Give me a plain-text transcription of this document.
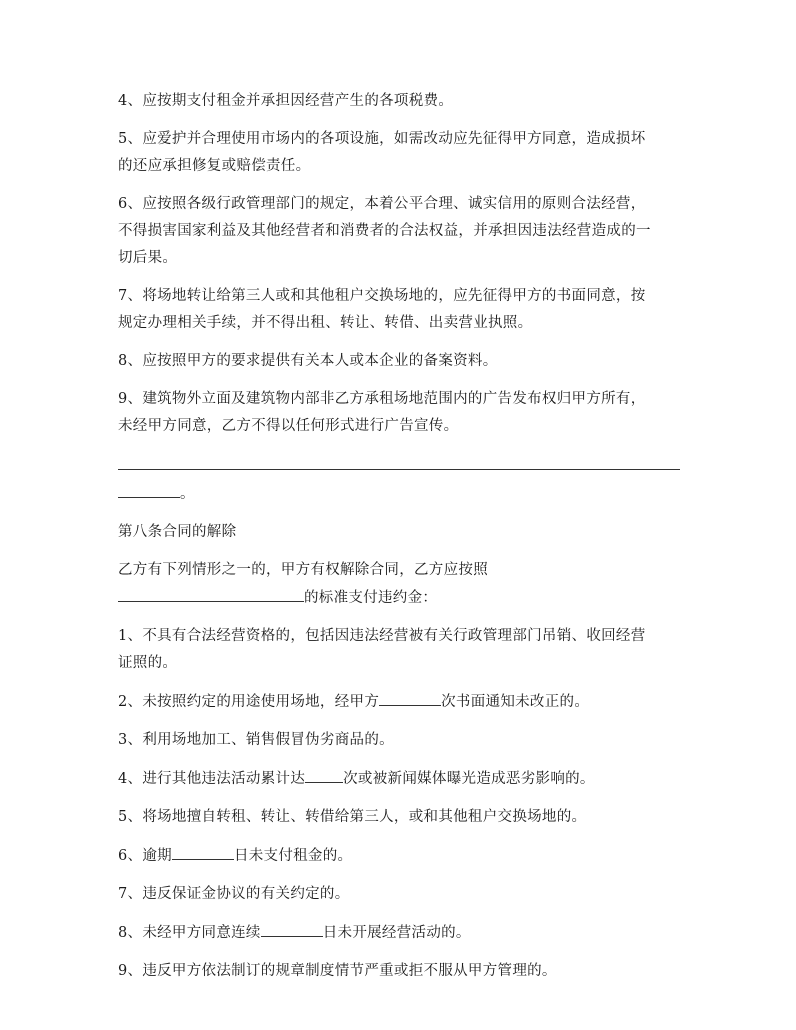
4、应按期支付租金并承担因经营产生的各项税费。

5、应爱护并合理使用市场内的各项设施，如需改动应先征得甲方同意，造成损坏
的还应承担修复或赔偿责任。

6、应按照各级行政管理部门的规定，本着公平合理、诚实信用的原则合法经营，
不得损害国家利益及其他经营者和消费者的合法权益，并承担因违法经营造成的一
切后果。

7、将场地转让给第三人或和其他租户交换场地的，应先征得甲方的书面同意，按
规定办理相关手续，并不得出租、转让、转借、出卖营业执照。

8、应按照甲方的要求提供有关本人或本企业的备案资料。

9、建筑物外立面及建筑物内部非乙方承租场地范围内的广告发布权归甲方所有，
未经甲方同意，乙方不得以任何形式进行广告宣传。

。

第八条合同的解除

乙方有下列情形之一的，甲方有权解除合同，乙方应按照
的标准支付违约金：

1、不具有合法经营资格的，包括因违法经营被有关行政管理部门吊销、收回经营
证照的。

2、未按照约定的用途使用场地，经甲方	次书面通知未改正的。

3、利用场地加工、销售假冒伪劣商品的。

4、进行其他违法活动累计达	次或被新闻媒体曝光造成恶劣影响的。

5、将场地擅自转租、转让、转借给第三人，或和其他租户交换场地的。

6、逾期	日未支付租金的。

7、违反保证金协议的有关约定的。

8、未经甲方同意连续	日未开展经营活动的。

9、违反甲方依法制订的规章制度情节严重或拒不服从甲方管理的。
